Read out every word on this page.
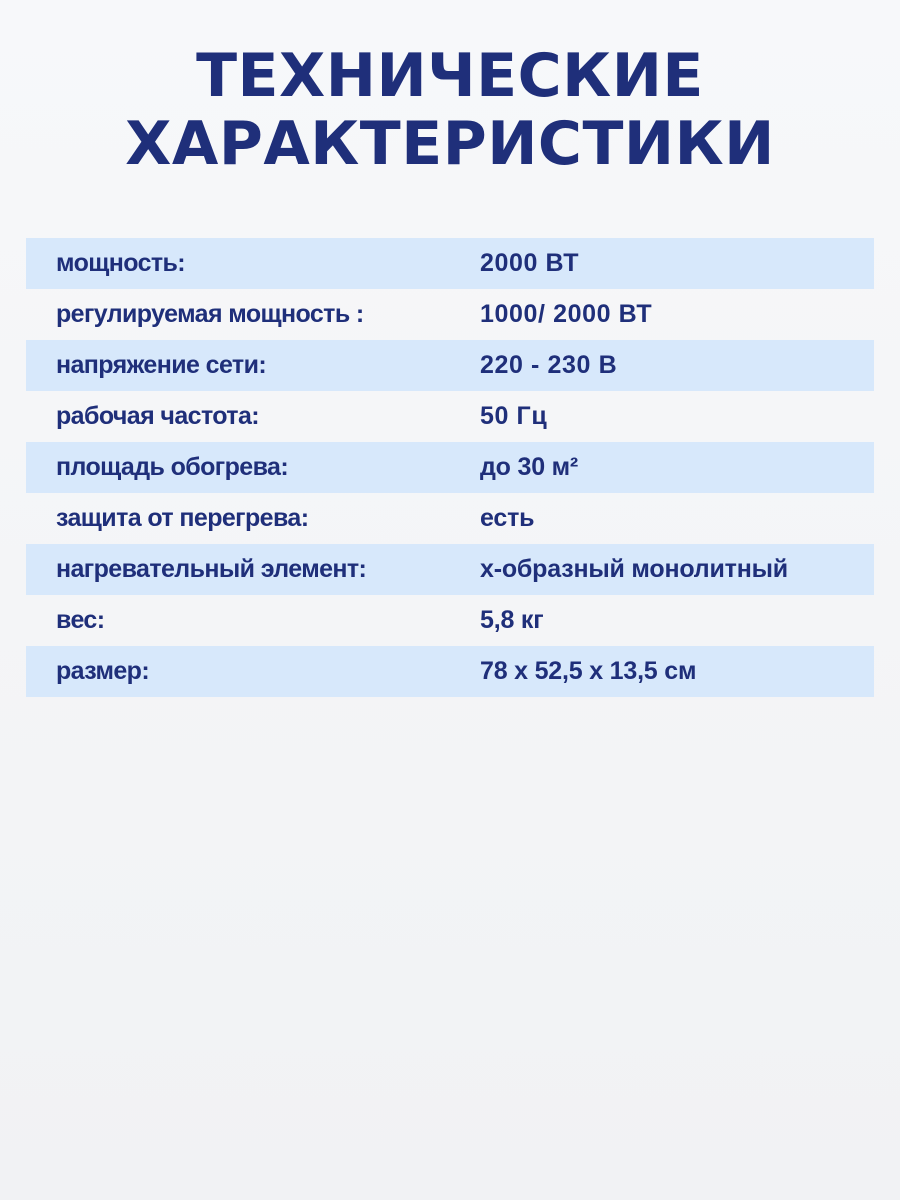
ТЕХНИЧЕСКИЕ
ХАРАКТЕРИСТИКИ
мощность:	2000 ВТ
регулируемая мощность :	1000/ 2000 ВТ
напряжение сети:	220 - 230 В
рабочая частота:	50 Гц
площадь обогрева:	до 30 м²
защита от перегрева:	есть
нагревательный элемент:	х-образный монолитный
вес:	5,8 кг
размер:	78 х 52,5 х 13,5 см
